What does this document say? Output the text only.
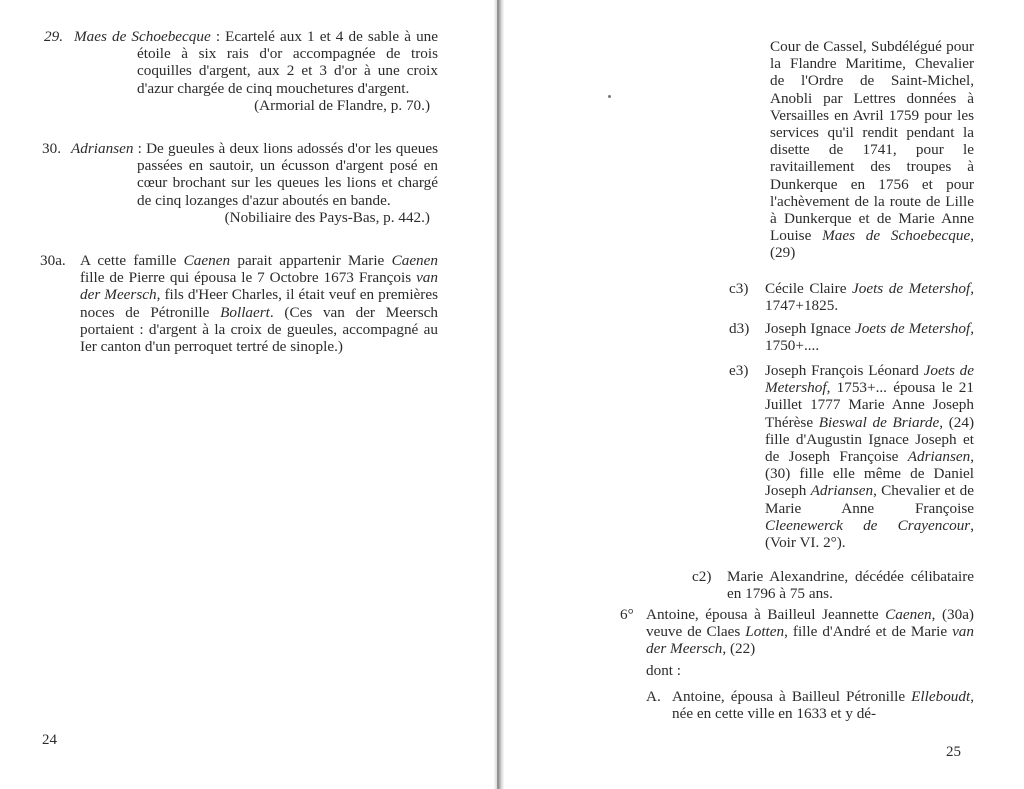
29. Maes de Schoebecque : Ecartelé aux 1 et 4 de sable à une étoile à six rais d'or accompagnée de trois coquilles d'argent, aux 2 et 3 d'or à une croix d'azur chargée de cinq mouchetures d'argent.
(Armorial de Flandre, p. 70.)
30. Adriansen : De gueules à deux lions adossés d'or les queues passées en sautoir, un écusson d'argent posé en cœur brochant sur les queues les lions et chargé de cinq lozanges d'azur aboutés en bande.
(Nobiliaire des Pays-Bas, p. 442.)
30a. A cette famille Caenen parait appartenir Marie Caenen fille de Pierre qui épousa le 7 Octobre 1673 François van der Meersch, fils d'Heer Charles, il était veuf en premières noces de Pétronille Bollaert. (Ces van der Meersch portaient : d'argent à la croix de gueules, accompagné au Ier canton d'un perroquet tertré de sinople.)
24
Cour de Cassel, Subdélégué pour la Flandre Maritime, Chevalier de l'Ordre de Saint-Michel, Anobli par Lettres données à Versailles en Avril 1759 pour les services qu'il rendit pendant la disette de 1741, pour le ravitaillement des troupes à Dunkerque en 1756 et pour l'achèvement de la route de Lille à Dunkerque et de Marie Anne Louise Maes de Schoebecque, (29)
c3)	Cécile Claire Joets de Metershof, 1747+1825.
d3)	Joseph Ignace Joets de Metershof, 1750+....
e3)	Joseph François Léonard Joets de Metershof, 1753+... épousa le 21 Juillet 1777 Marie Anne Joseph Thérèse Bieswal de Briarde, (24) fille d'Augustin Ignace Joseph et de Joseph Françoise Adriansen, (30) fille elle même de Daniel Joseph Adriansen, Chevalier et de Marie Anne Françoise Cleenewerck de Crayencour, (Voir VI. 2°).
c2)	Marie Alexandrine, décédée célibataire en 1796 à 75 ans.
6° Antoine, épousa à Bailleul Jeannette Caenen, (30a) veuve de Claes Lotten, fille d'André et de Marie van der Meersch, (22)
dont :
A. Antoine, épousa à Bailleul Pétronille Elleboudt, née en cette ville en 1633 et y dé-
25
